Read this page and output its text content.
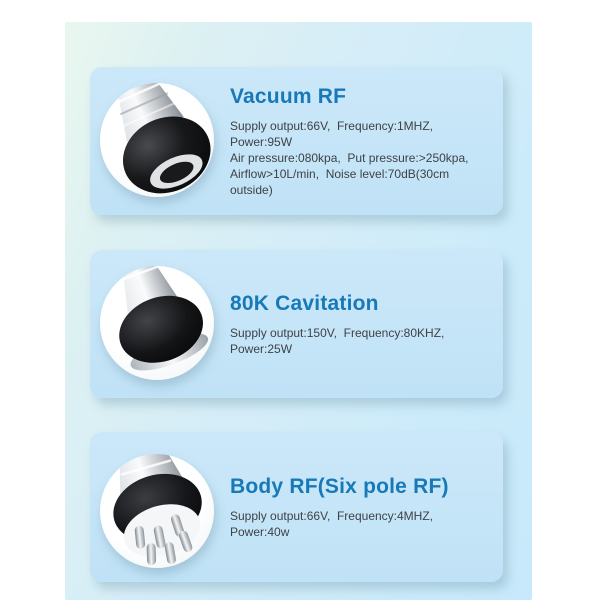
Vacuum RF
Supply output:66V,  Frequency:1MHZ,  Power:95W
Air pressure:080kpa,  Put pressure:>250kpa,
Airflow>10L/min,  Noise level:70dB(30cm outside)
80K Cavitation
Supply output:150V,  Frequency:80KHZ,  Power:25W
Body RF(Six pole RF)
Supply output:66V,  Frequency:4MHZ,  Power:40w
